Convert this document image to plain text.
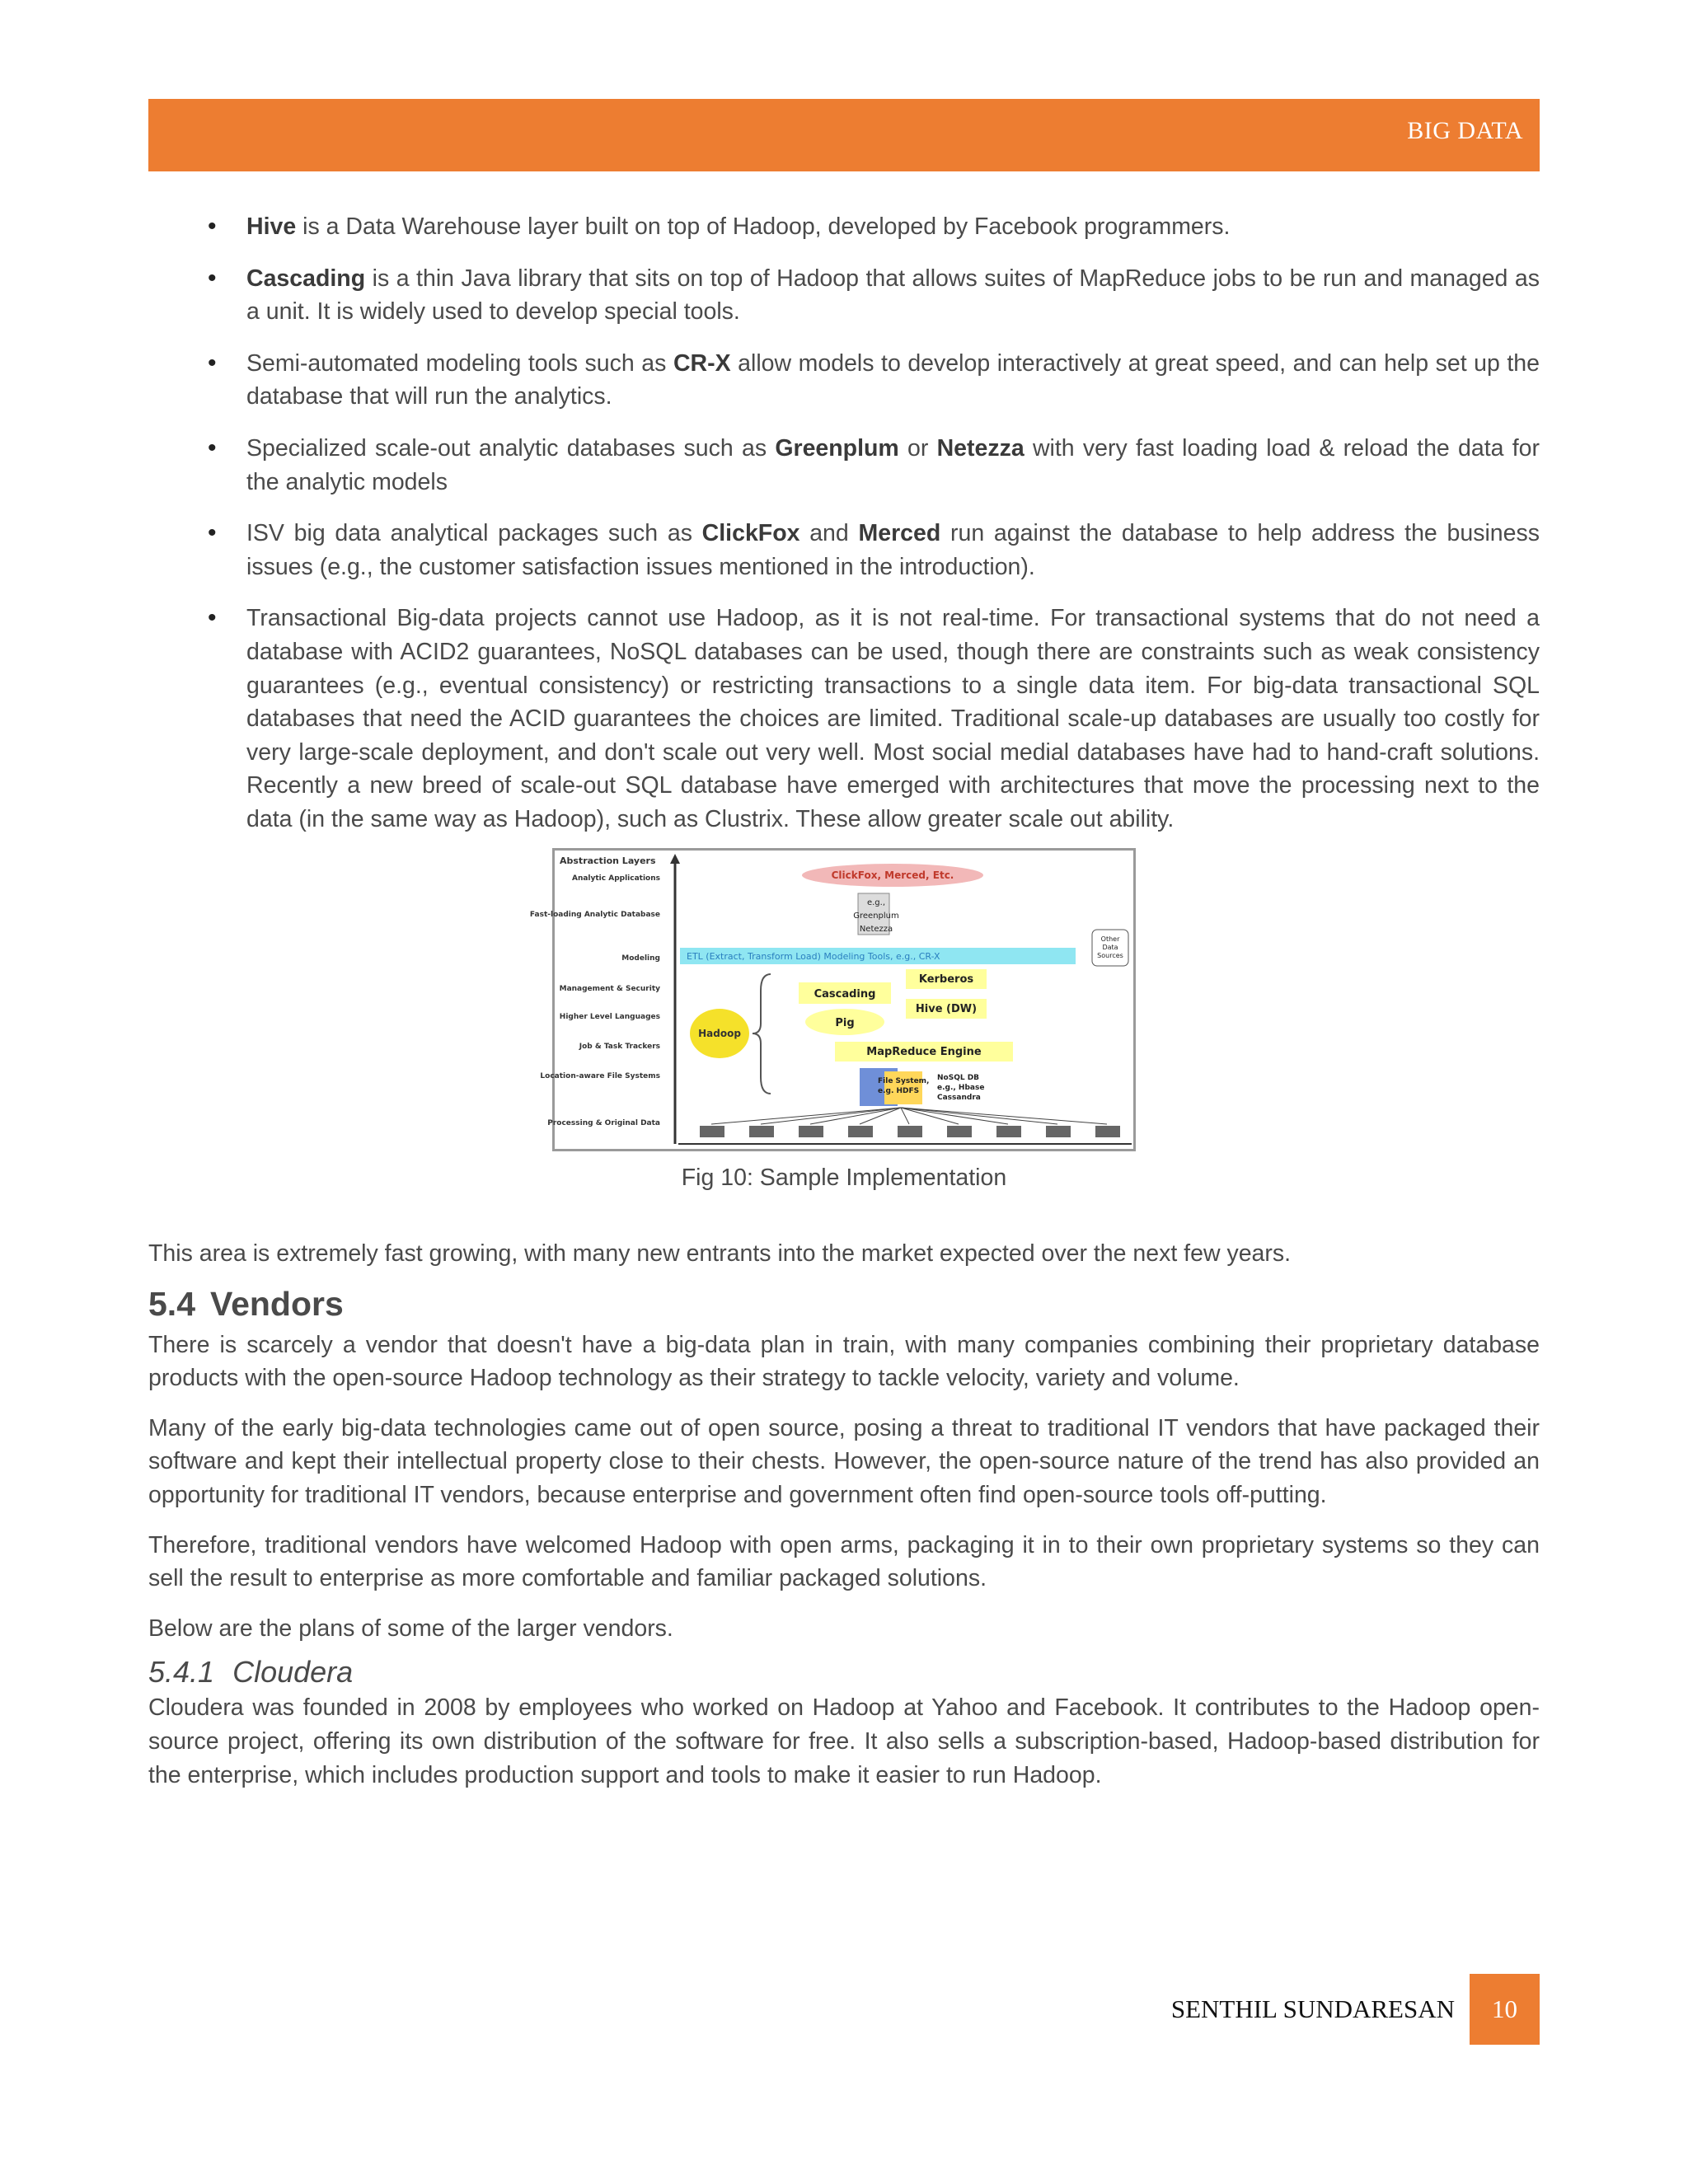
BIG DATA
• Hive is a Data Warehouse layer built on top of Hadoop, developed by Facebook programmers.
• Cascading is a thin Java library that sits on top of Hadoop that allows suites of MapReduce jobs to be run and managed as a unit. It is widely used to develop special tools.
• Semi-automated modeling tools such as CR-X allow models to develop interactively at great speed, and can help set up the database that will run the analytics.
• Specialized scale-out analytic databases such as Greenplum or Netezza with very fast loading load & reload the data for the analytic models
• ISV big data analytical packages such as ClickFox and Merced run against the database to help address the business issues (e.g., the customer satisfaction issues mentioned in the introduction).
• Transactional Big-data projects cannot use Hadoop, as it is not real-time. For transactional systems that do not need a database with ACID2 guarantees, NoSQL databases can be used, though there are constraints such as weak consistency guarantees (e.g., eventual consistency) or restricting transactions to a single data item. For big-data transactional SQL databases that need the ACID guarantees the choices are limited. Traditional scale-up databases are usually too costly for very large-scale deployment, and don't scale out very well. Most social medial databases have had to hand-craft solutions. Recently a new breed of scale-out SQL database have emerged with architectures that move the processing next to the data (in the same way as Hadoop), such as Clustrix. These allow greater scale out ability.
Abstraction Layers
Analytic Applications
Fast-loading Analytic Database
Modeling
Management & Security
Higher Level Languages
Job & Task Trackers
Location-aware File Systems
Processing & Original Data
ClickFox, Merced, Etc.
e.g.,
Greenplum
Netezza
ETL (Extract, Transform Load) Modeling Tools, e.g., CR-X
Other
Data
Sources
Hadoop
Cascading
Kerberos
Hive (DW)
Pig
MapReduce Engine
File System,
e.g. HDFS
NoSQL DB
e.g., Hbase
Cassandra
Fig 10: Sample Implementation

This area is extremely fast growing, with many new entrants into the market expected over the next few years.

5.4 Vendors

There is scarcely a vendor that doesn't have a big-data plan in train, with many companies combining their proprietary database products with the open-source Hadoop technology as their strategy to tackle velocity, variety and volume.

Many of the early big-data technologies came out of open source, posing a threat to traditional IT vendors that have packaged their software and kept their intellectual property close to their chests. However, the open-source nature of the trend has also provided an opportunity for traditional IT vendors, because enterprise and government often find open-source tools off-putting.

Therefore, traditional vendors have welcomed Hadoop with open arms, packaging it in to their own proprietary systems so they can sell the result to enterprise as more comfortable and familiar packaged solutions.

Below are the plans of some of the larger vendors.

5.4.1 Cloudera

Cloudera was founded in 2008 by employees who worked on Hadoop at Yahoo and Facebook. It contributes to the Hadoop open-source project, offering its own distribution of the software for free. It also sells a subscription-based, Hadoop-based distribution for the enterprise, which includes production support and tools to make it easier to run Hadoop.

SENTHIL SUNDARESAN	10
